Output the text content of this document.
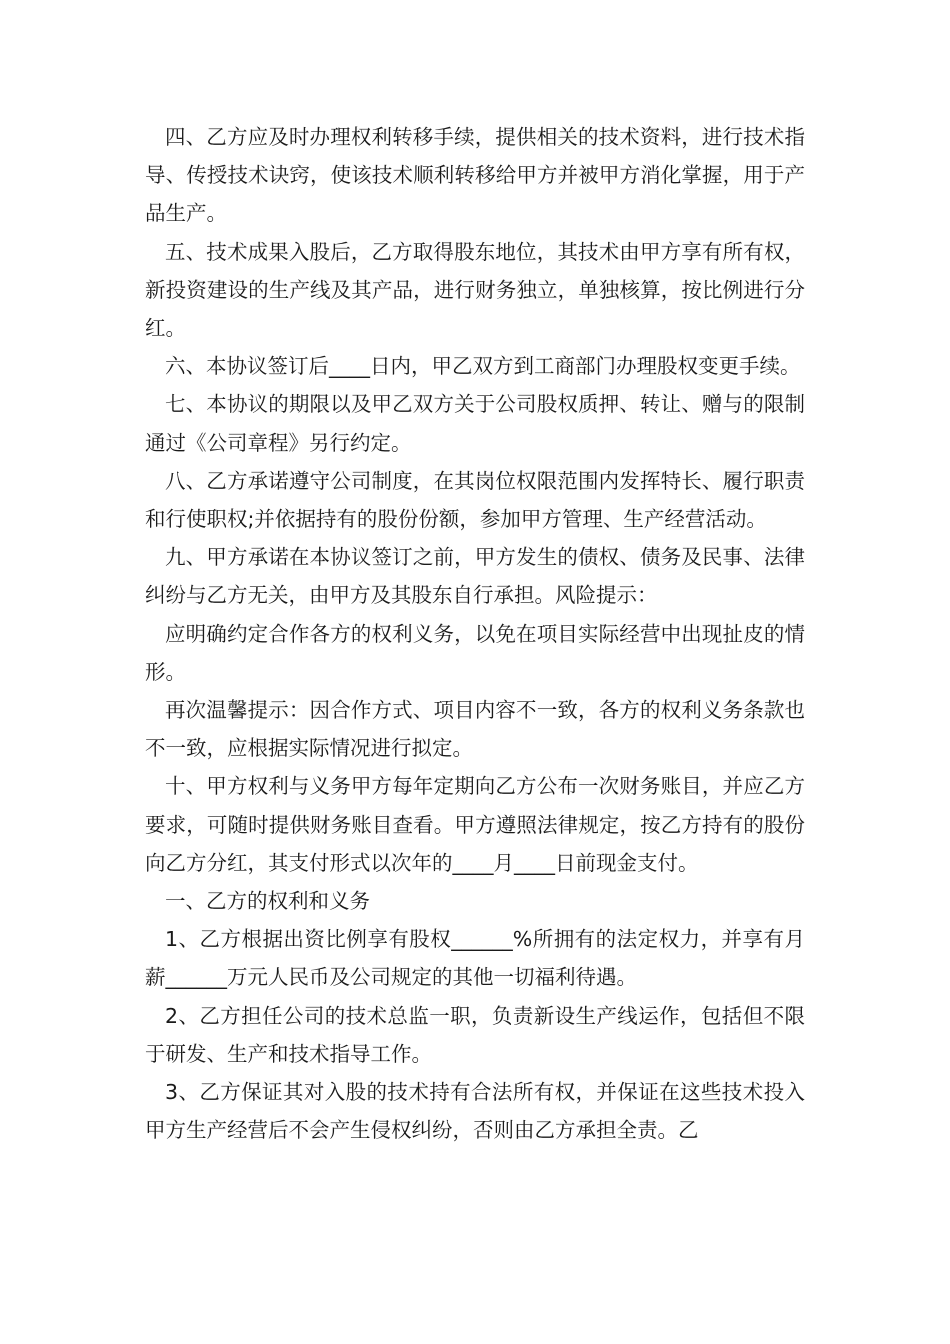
四、乙方应及时办理权利转移手续，提供相关的技术资料，进行技术指导、传授技术诀窍，使该技术顺利转移给甲方并被甲方消化掌握，用于产品生产。

五、技术成果入股后，乙方取得股东地位，其技术由甲方享有所有权，新投资建设的生产线及其产品，进行财务独立，单独核算，按比例进行分红。

六、本协议签订后____日内，甲乙双方到工商部门办理股权变更手续。

七、本协议的期限以及甲乙双方关于公司股权质押、转让、赠与的限制通过《公司章程》另行约定。

八、乙方承诺遵守公司制度，在其岗位权限范围内发挥特长、履行职责和行使职权;并依据持有的股份份额，参加甲方管理、生产经营活动。

九、甲方承诺在本协议签订之前，甲方发生的债权、债务及民事、法律纠纷与乙方无关，由甲方及其股东自行承担。风险提示：

应明确约定合作各方的权利义务，以免在项目实际经营中出现扯皮的情形。

再次温馨提示：因合作方式、项目内容不一致，各方的权利义务条款也不一致，应根据实际情况进行拟定。

十、甲方权利与义务甲方每年定期向乙方公布一次财务账目，并应乙方要求，可随时提供财务账目查看。甲方遵照法律规定，按乙方持有的股份向乙方分红，其支付形式以次年的____月____日前现金支付。

一、乙方的权利和义务

1、乙方根据出资比例享有股权______%所拥有的法定权力，并享有月薪______万元人民币及公司规定的其他一切福利待遇。

2、乙方担任公司的技术总监一职，负责新设生产线运作，包括但不限于研发、生产和技术指导工作。

3、乙方保证其对入股的技术持有合法所有权，并保证在这些技术投入甲方生产经营后不会产生侵权纠纷，否则由乙方承担全责。乙
